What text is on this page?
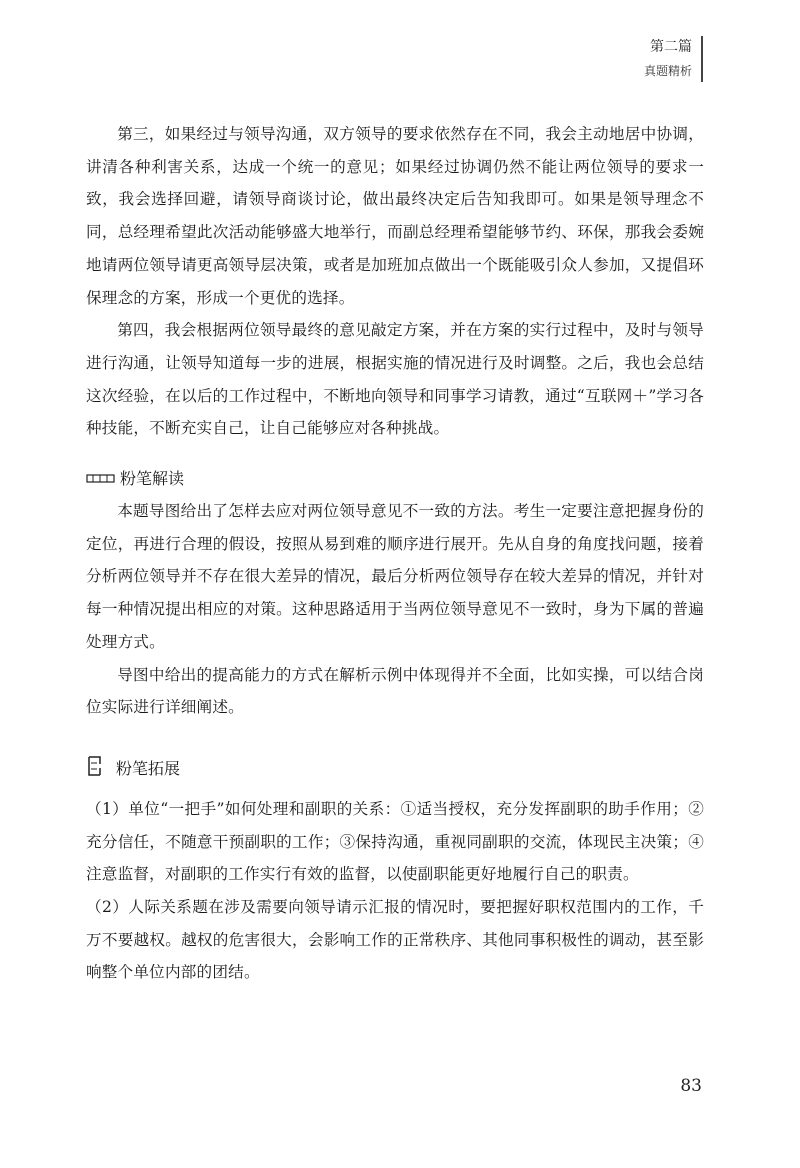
第二篇
真题精析

第三，如果经过与领导沟通，双方领导的要求依然存在不同，我会主动地居中协调，讲清各种利害关系，达成一个统一的意见；如果经过协调仍然不能让两位领导的要求一致，我会选择回避，请领导商谈讨论，做出最终决定后告知我即可。如果是领导理念不同，总经理希望此次活动能够盛大地举行，而副总经理希望能够节约、环保，那我会委婉地请两位领导请更高领导层决策，或者是加班加点做出一个既能吸引众人参加，又提倡环保理念的方案，形成一个更优的选择。

第四，我会根据两位领导最终的意见敲定方案，并在方案的实行过程中，及时与领导进行沟通，让领导知道每一步的进展，根据实施的情况进行及时调整。之后，我也会总结这次经验，在以后的工作过程中，不断地向领导和同事学习请教，通过“互联网＋”学习各种技能，不断充实自己，让自己能够应对各种挑战。

粉笔解读

本题导图给出了怎样去应对两位领导意见不一致的方法。考生一定要注意把握身份的定位，再进行合理的假设，按照从易到难的顺序进行展开。先从自身的角度找问题，接着分析两位领导并不存在很大差异的情况，最后分析两位领导存在较大差异的情况，并针对每一种情况提出相应的对策。这种思路适用于当两位领导意见不一致时，身为下属的普遍处理方式。

导图中给出的提高能力的方式在解析示例中体现得并不全面，比如实操，可以结合岗位实际进行详细阐述。

粉笔拓展

（1）单位“一把手”如何处理和副职的关系：①适当授权，充分发挥副职的助手作用；②充分信任，不随意干预副职的工作；③保持沟通，重视同副职的交流，体现民主决策；④注意监督，对副职的工作实行有效的监督，以使副职能更好地履行自己的职责。

（2）人际关系题在涉及需要向领导请示汇报的情况时，要把握好职权范围内的工作，千万不要越权。越权的危害很大，会影响工作的正常秩序、其他同事积极性的调动，甚至影响整个单位内部的团结。

83
